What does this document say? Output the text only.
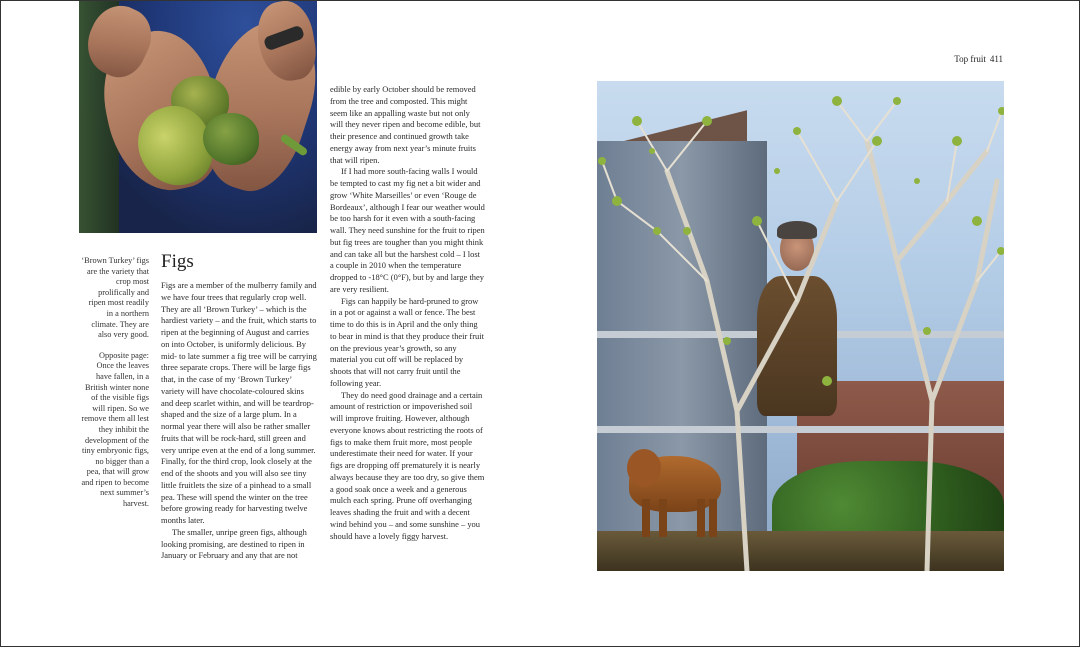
‘Brown Turkey’ figs are the variety that crop most prolifically and ripen most readily in a northern climate. They are also very good.

Opposite page: Once the leaves have fallen, in a British winter none of the visible figs will ripen. So we remove them all lest they inhibit the development of the tiny embryonic figs, no bigger than a pea, that will grow and ripen to become next summer’s harvest.

Figs

Figs are a member of the mulberry family and we have four trees that regularly crop well. They are all ‘Brown Turkey’ – which is the hardiest variety – and the fruit, which starts to ripen at the beginning of August and carries on into October, is uniformly delicious. By mid- to late summer a fig tree will be carrying three separate crops. There will be large figs that, in the case of my ‘Brown Turkey’ variety will have chocolate-coloured skins and deep scarlet within, and will be teardrop-shaped and the size of a large plum. In a normal year there will also be rather smaller fruits that will be rock-hard, still green and very unripe even at the end of a long summer. Finally, for the third crop, look closely at the end of the shoots and you will also see tiny little fruitlets the size of a pinhead to a small pea. These will spend the winter on the tree before growing ready for harvesting twelve months later.

The smaller, unripe green figs, although looking promising, are destined to ripen in January or February and any that are not

edible by early October should be removed from the tree and composted. This might seem like an appalling waste but not only will they never ripen and become edible, but their presence and continued growth take energy away from next year’s minute fruits that will ripen.

If I had more south-facing walls I would be tempted to cast my fig net a bit wider and grow ‘White Marseilles’ or even ‘Rouge de Bordeaux’, although I fear our weather would be too harsh for it even with a south-facing wall. They need sunshine for the fruit to ripen but fig trees are tougher than you might think and can take all but the harshest cold – I lost a couple in 2010 when the temperature dropped to -18°C (0°F), but by and large they are very resilient.

Figs can happily be hard-pruned to grow in a pot or against a wall or fence. The best time to do this is in April and the only thing to bear in mind is that they produce their fruit on the previous year’s growth, so any material you cut off will be replaced by shoots that will not carry fruit until the following year.

They do need good drainage and a certain amount of restriction or impoverished soil will improve fruiting. However, although everyone knows about restricting the roots of figs to make them fruit more, most people underestimate their need for water. If your figs are dropping off prematurely it is nearly always because they are too dry, so give them a good soak once a week and a generous mulch each spring. Prune off overhanging leaves shading the fruit and with a decent wind behind you – and some sunshine – you should have a lovely figgy harvest.

Top fruit 411
